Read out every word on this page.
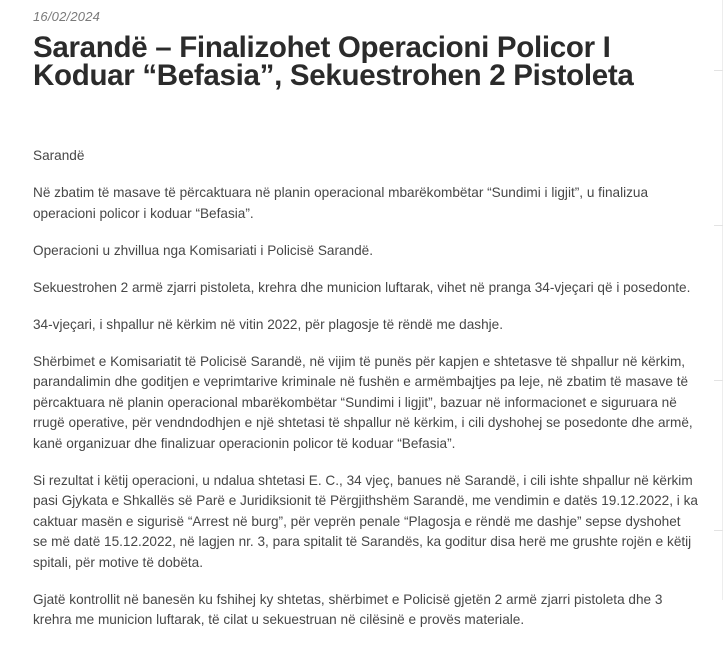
16/02/2024
Sarandë – Finalizohet Operacioni Policor I Koduar “Befasia”, Sekuestrohen 2 Pistoleta

Sarandë

Në zbatim të masave të përcaktuara në planin operacional mbarëkombëtar “Sundimi i ligjit”, u finalizua operacioni policor i koduar “Befasia”.

Operacioni u zhvillua nga Komisariati i Policisë Sarandë.

Sekuestrohen 2 armë zjarri pistoleta, krehra dhe municion luftarak, vihet në pranga 34-vjeçari që i posedonte.

34-vjeçari, i shpallur në kërkim në vitin 2022, për plagosje të rëndë me dashje.

Shërbimet e Komisariatit të Policisë Sarandë, në vijim të punës për kapjen e shtetasve të shpallur në kërkim, parandalimin dhe goditjen e veprimtarive kriminale në fushën e armëmbajtjes pa leje, në zbatim të masave të përcaktuara në planin operacional mbarëkombëtar “Sundimi i ligjit”, bazuar në informacionet e siguruara në rrugë operative, për vendndodhjen e një shtetasi të shpallur në kërkim, i cili dyshohej se posedonte dhe armë, kanë organizuar dhe finalizuar operacionin policor të koduar “Befasia”.

Si rezultat i këtij operacioni, u ndalua shtetasi E. C., 34 vjeç, banues në Sarandë, i cili ishte shpallur në kërkim pasi Gjykata e Shkallës së Parë e Juridiksionit të Përgjithshëm Sarandë, me vendimin e datës 19.12.2022, i ka caktuar masën e sigurisë “Arrest në burg”, për veprën penale “Plagosja e rëndë me dashje” sepse dyshohet se më datë 15.12.2022, në lagjen nr. 3, para spitalit të Sarandës, ka goditur disa herë me grushte rojën e këtij spitali, për motive të dobëta.

Gjatë kontrollit në banesën ku fshihej ky shtetas, shërbimet e Policisë gjetën 2 armë zjarri pistoleta dhe 3 krehra me municion luftarak, të cilat u sekuestruan në cilësinë e provës materiale.
